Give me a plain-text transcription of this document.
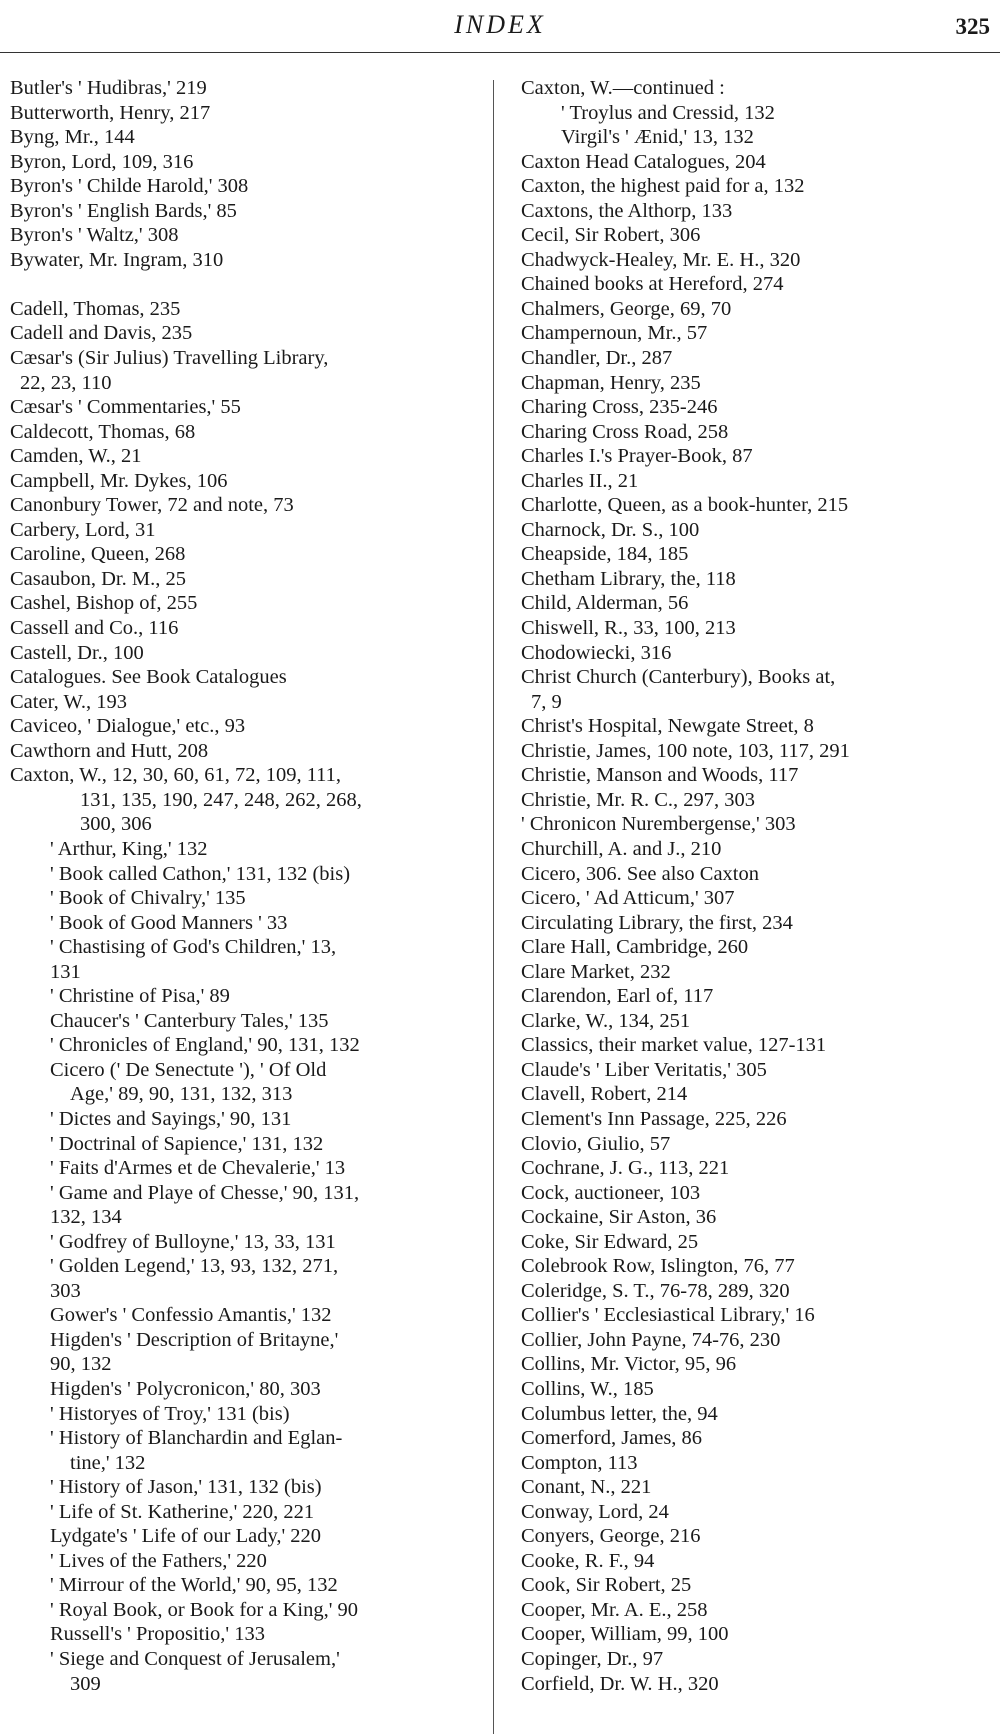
INDEX	325
Butler's ' Hudibras,' 219
Butterworth, Henry, 217
Byng, Mr., 144
Byron, Lord, 109, 316
Byron's ' Childe Harold,' 308
Byron's ' English Bards,' 85
Byron's ' Waltz,' 308
Bywater, Mr. Ingram, 310
Cadell, Thomas, 235
Cadell and Davis, 235
Cæsar's (Sir Julius) Travelling Library,
22, 23, 110
Cæsar's ' Commentaries,' 55
Caldecott, Thomas, 68
Camden, W., 21
Campbell, Mr. Dykes, 106
Canonbury Tower, 72 and note, 73
Carbery, Lord, 31
Caroline, Queen, 268
Casaubon, Dr. M., 25
Cashel, Bishop of, 255
Cassell and Co., 116
Castell, Dr., 100
Catalogues. See Book Catalogues
Cater, W., 193
Caviceo, ' Dialogue,' etc., 93
Cawthorn and Hutt, 208
Caxton, W., 12, 30, 60, 61, 72, 109, 111,
131, 135, 190, 247, 248, 262, 268,
300, 306
' Arthur, King,' 132
' Book called Cathon,' 131, 132 (bis)
' Book of Chivalry,' 135
' Book of Good Manners ' 33
' Chastising of God's Children,' 13,
131
' Christine of Pisa,' 89
Chaucer's ' Canterbury Tales,' 135
' Chronicles of England,' 90, 131, 132
Cicero (' De Senectute '), ' Of Old
Age,' 89, 90, 131, 132, 313
' Dictes and Sayings,' 90, 131
' Doctrinal of Sapience,' 131, 132
' Faits d'Armes et de Chevalerie,' 13
' Game and Playe of Chesse,' 90, 131,
132, 134
' Godfrey of Bulloyne,' 13, 33, 131
' Golden Legend,' 13, 93, 132, 271,
303
Gower's ' Confessio Amantis,' 132
Higden's ' Description of Britayne,'
90, 132
Higden's ' Polycronicon,' 80, 303
' Historyes of Troy,' 131 (bis)
' History of Blanchardin and Eglan-
tine,' 132
' History of Jason,' 131, 132 (bis)
' Life of St. Katherine,' 220, 221
Lydgate's ' Life of our Lady,' 220
' Lives of the Fathers,' 220
' Mirrour of the World,' 90, 95, 132
' Royal Book, or Book for a King,' 90
Russell's ' Propositio,' 133
' Siege and Conquest of Jerusalem,'
309
Caxton, W.—continued :
' Troylus and Cressid, 132
Virgil's ' Ænid,' 13, 132
Caxton Head Catalogues, 204
Caxton, the highest paid for a, 132
Caxtons, the Althorp, 133
Cecil, Sir Robert, 306
Chadwyck-Healey, Mr. E. H., 320
Chained books at Hereford, 274
Chalmers, George, 69, 70
Champernoun, Mr., 57
Chandler, Dr., 287
Chapman, Henry, 235
Charing Cross, 235-246
Charing Cross Road, 258
Charles I.'s Prayer-Book, 87
Charles II., 21
Charlotte, Queen, as a book-hunter, 215
Charnock, Dr. S., 100
Cheapside, 184, 185
Chetham Library, the, 118
Child, Alderman, 56
Chiswell, R., 33, 100, 213
Chodowiecki, 316
Christ Church (Canterbury), Books at,
7, 9
Christ's Hospital, Newgate Street, 8
Christie, James, 100 note, 103, 117, 291
Christie, Manson and Woods, 117
Christie, Mr. R. C., 297, 303
' Chronicon Nurembergense,' 303
Churchill, A. and J., 210
Cicero, 306. See also Caxton
Cicero, ' Ad Atticum,' 307
Circulating Library, the first, 234
Clare Hall, Cambridge, 260
Clare Market, 232
Clarendon, Earl of, 117
Clarke, W., 134, 251
Classics, their market value, 127-131
Claude's ' Liber Veritatis,' 305
Clavell, Robert, 214
Clement's Inn Passage, 225, 226
Clovio, Giulio, 57
Cochrane, J. G., 113, 221
Cock, auctioneer, 103
Cockaine, Sir Aston, 36
Coke, Sir Edward, 25
Colebrook Row, Islington, 76, 77
Coleridge, S. T., 76-78, 289, 320
Collier's ' Ecclesiastical Library,' 16
Collier, John Payne, 74-76, 230
Collins, Mr. Victor, 95, 96
Collins, W., 185
Columbus letter, the, 94
Comerford, James, 86
Compton, 113
Conant, N., 221
Conway, Lord, 24
Conyers, George, 216
Cooke, R. F., 94
Cook, Sir Robert, 25
Cooper, Mr. A. E., 258
Cooper, William, 99, 100
Copinger, Dr., 97
Corfield, Dr. W. H., 320
